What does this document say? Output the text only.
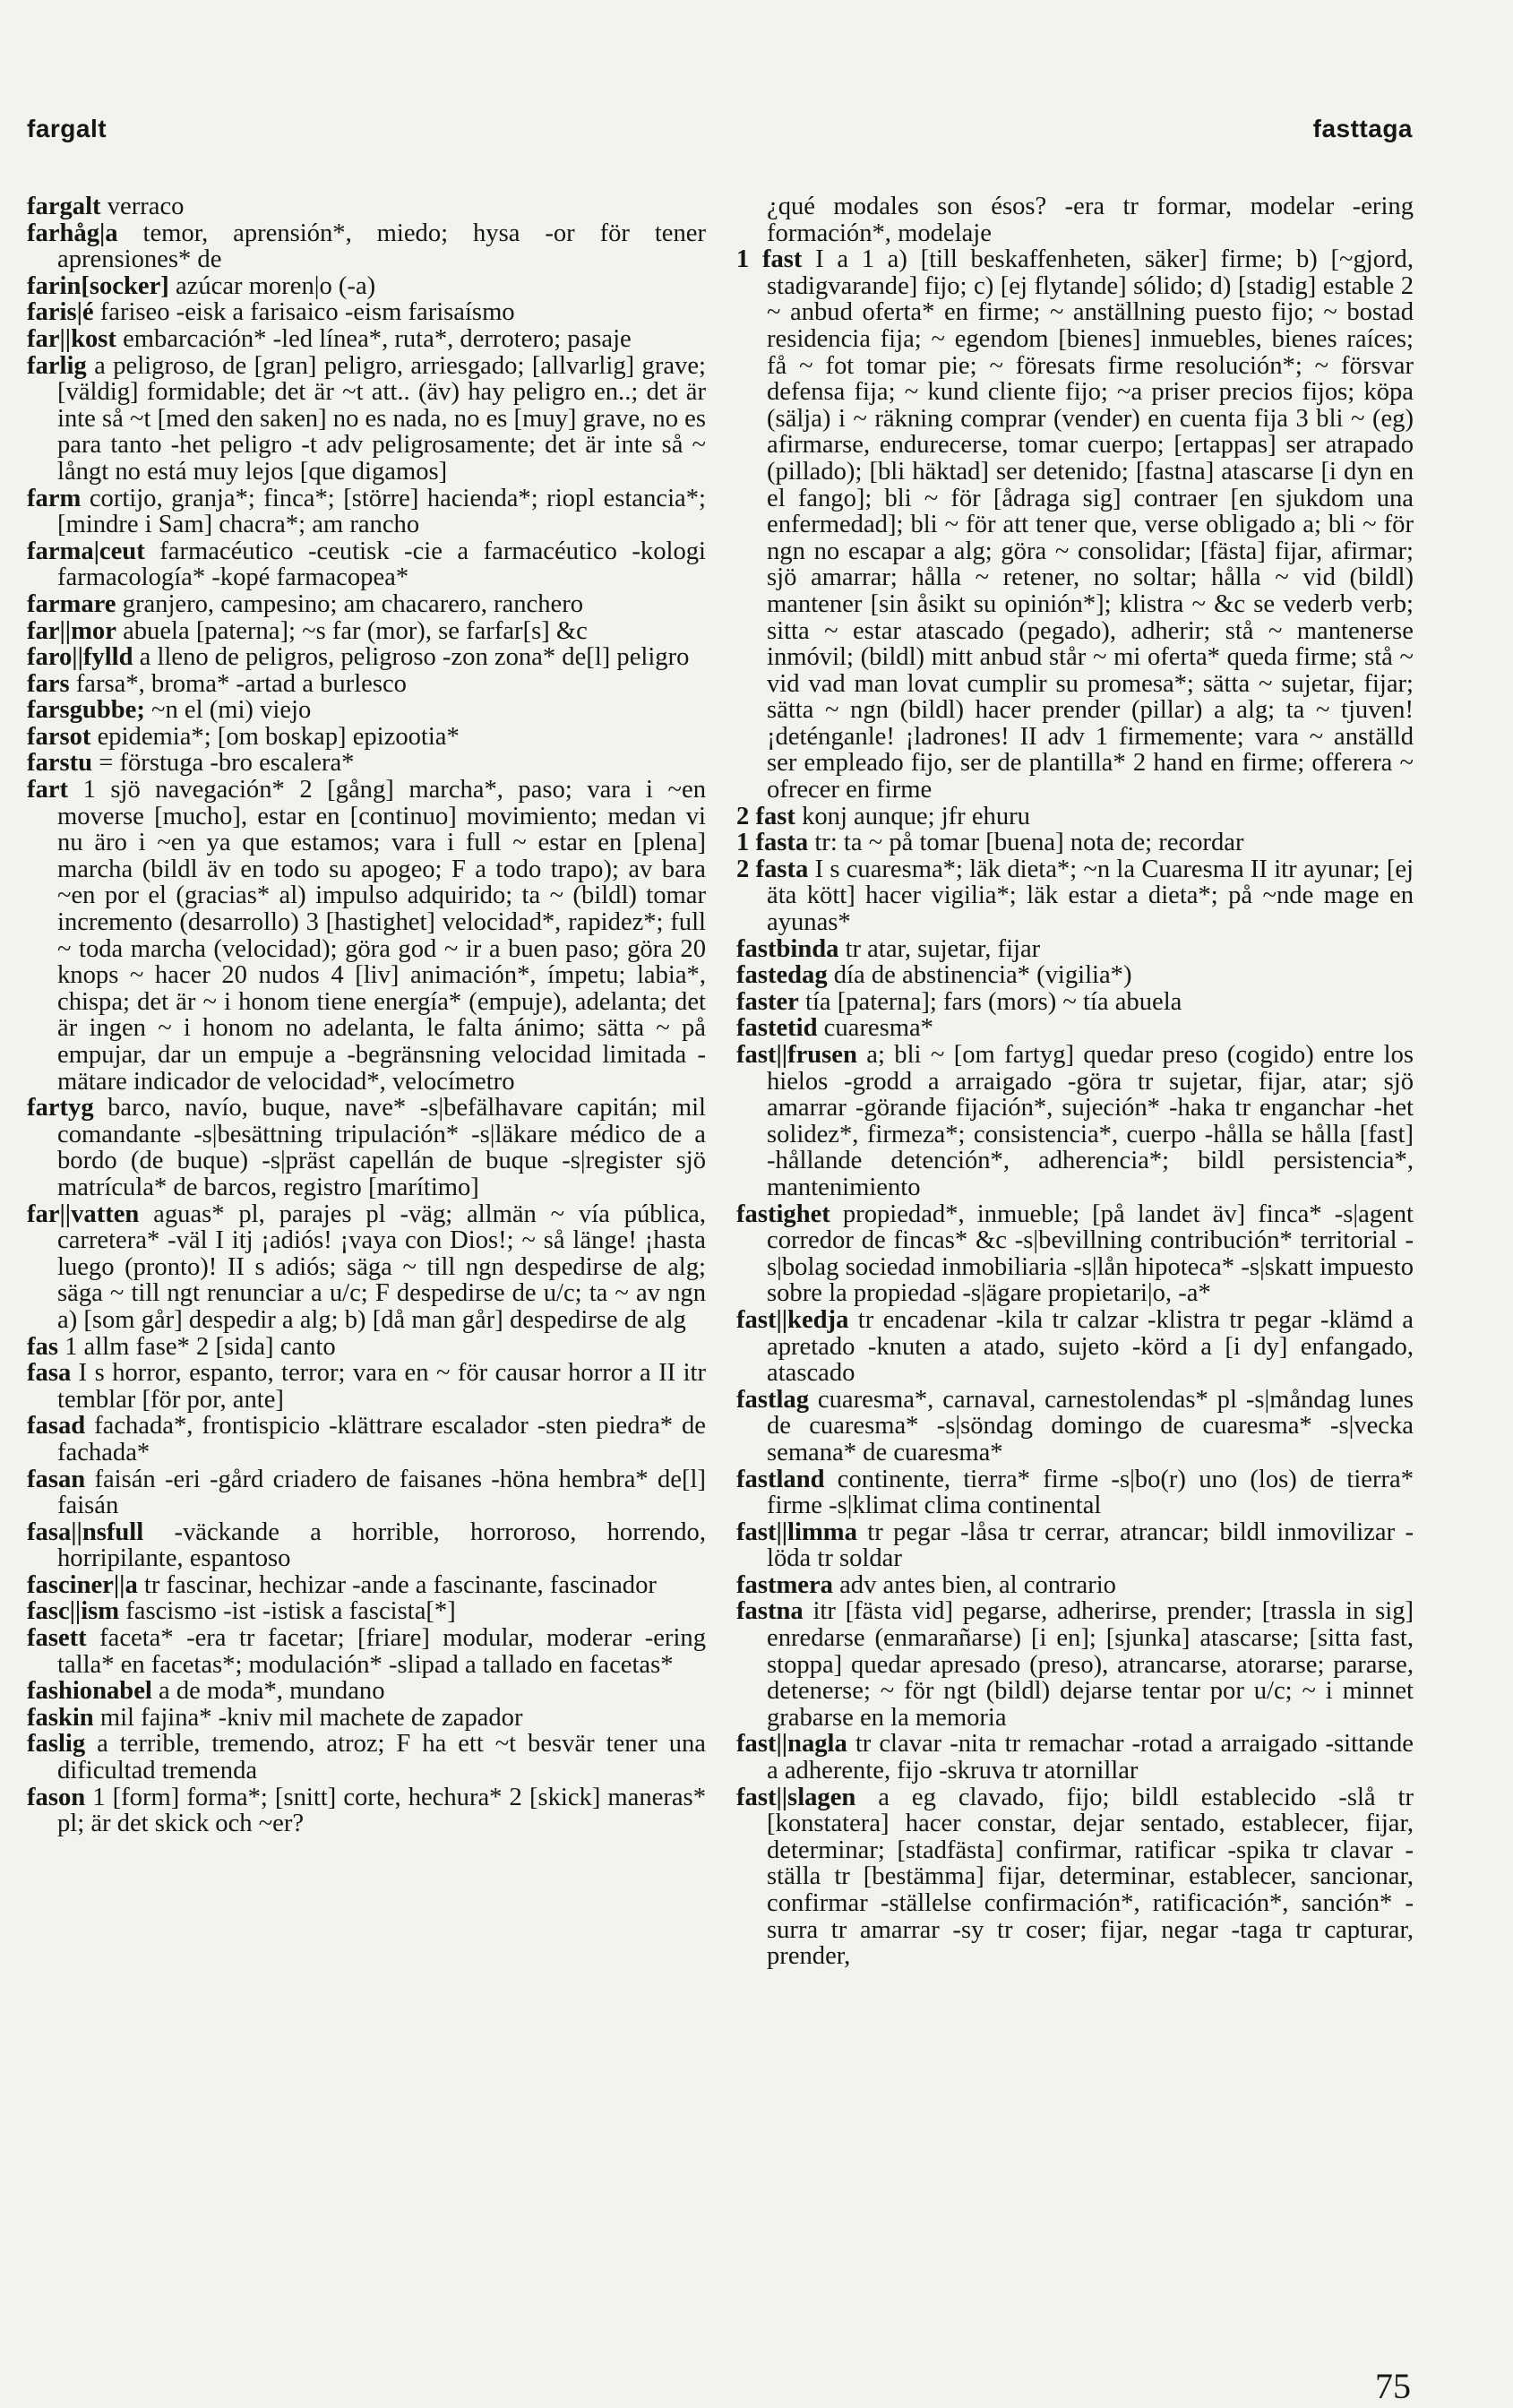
fargalt	fasttaga

fargalt verraco

farhåg|a temor, aprensión*, miedo; hysa -or för tener aprensiones* de

farin[socker] azúcar moren|o (-a)

faris|é fariseo -eisk a farisaico -eism farisaísmo

far||kost embarcación* -led línea*, ruta*, derrotero; pasaje

farlig a peligroso, de [gran] peligro, arriesgado; [allvarlig] grave; [väldig] formidable; det är ~t att.. (äv) hay peligro en..; det är inte så ~t [med den saken] no es nada, no es [muy] grave, no es para tanto -het peligro -t adv peligrosamente; det är inte så ~ långt no está muy lejos [que digamos]

farm cortijo, granja*; finca*; [större] hacienda*; riopl estancia*; [mindre i Sam] chacra*; am rancho

farma|ceut farmacéutico -ceutisk -cie a farmacéutico -kologi farmacología* -kopé farmacopea*

farmare granjero, campesino; am chacarero, ranchero

far||mor abuela [paterna]; ~s far (mor), se farfar[s] &c

faro||fylld a lleno de peligros, peligroso -zon zona* de[l] peligro

fars farsa*, broma* -artad a burlesco

farsgubbe; ~n el (mi) viejo

farsot epidemia*; [om boskap] epizootia*

farstu = förstuga -bro escalera*

fart 1 sjö navegación* 2 [gång] marcha*, paso; vara i ~en moverse [mucho], estar en [continuo] movimiento; medan vi nu äro i ~en ya que estamos; vara i full ~ estar en [plena] marcha (bildl äv en todo su apogeo; F a todo trapo); av bara ~en por el (gracias* al) impulso adquirido; ta ~ (bildl) tomar incremento (desarrollo) 3 [hastighet] velocidad*, rapidez*; full ~ toda marcha (velocidad); göra god ~ ir a buen paso; göra 20 knops ~ hacer 20 nudos 4 [liv] animación*, ímpetu; labia*, chispa; det är ~ i honom tiene energía* (empuje), adelanta; det är ingen ~ i honom no adelanta, le falta ánimo; sätta ~ på empujar, dar un empuje a -begränsning velocidad limitada -mätare indicador de velocidad*, velocímetro

fartyg barco, navío, buque, nave* -s|befälhavare capitán; mil comandante -s|besättning tripulación* -s|läkare médico de a bordo (de buque) -s|präst capellán de buque -s|register sjö matrícula* de barcos, registro [marítimo]

far||vatten aguas* pl, parajes pl -väg; allmän ~ vía pública, carretera* -väl I itj ¡adiós! ¡vaya con Dios!; ~ så länge! ¡hasta luego (pronto)! II s adiós; säga ~ till ngn despedirse de alg; säga ~ till ngt renunciar a u/c; F despedirse de u/c; ta ~ av ngn a) [som går] despedir a alg; b) [då man går] despedirse de alg

fas 1 allm fase* 2 [sida] canto

fasa I s horror, espanto, terror; vara en ~ för causar horror a II itr temblar [för por, ante]

fasad fachada*, frontispicio -klättrare escalador -sten piedra* de fachada*

fasan faisán -eri -gård criadero de faisanes -höna hembra* de[l] faisán

fasa||nsfull -väckande a horrible, horroroso, horrendo, horripilante, espantoso

fasciner||a tr fascinar, hechizar -ande a fascinante, fascinador

fasc||ism fascismo -ist -istisk a fascista[*]

fasett faceta* -era tr facetar; [friare] modular, moderar -ering talla* en facetas*; modulación* -slipad a tallado en facetas*

fashionabel a de moda*, mundano

faskin mil fajina* -kniv mil machete de zapador

faslig a terrible, tremendo, atroz; F ha ett ~t besvär tener una dificultad tremenda

fason 1 [form] forma*; [snitt] corte, hechura* 2 [skick] maneras* pl; är det skick och ~er?

¿qué modales son ésos? -era tr formar, modelar -ering formación*, modelaje

1 fast I a 1 a) [till beskaffenheten, säker] firme; b) [~gjord, stadigvarande] fijo; c) [ej flytande] sólido; d) [stadig] estable 2 ~ anbud oferta* en firme; ~ anställning puesto fijo; ~ bostad residencia fija; ~ egendom [bienes] inmuebles, bienes raíces; få ~ fot tomar pie; ~ föresats firme resolución*; ~ försvar defensa fija; ~ kund cliente fijo; ~a priser precios fijos; köpa (sälja) i ~ räkning comprar (vender) en cuenta fija 3 bli ~ (eg) afirmarse, endurecerse, tomar cuerpo; [ertappas] ser atrapado (pillado); [bli häktad] ser detenido; [fastna] atascarse [i dyn en el fango]; bli ~ för [ådraga sig] contraer [en sjukdom una enfermedad]; bli ~ för att tener que, verse obligado a; bli ~ för ngn no escapar a alg; göra ~ consolidar; [fästa] fijar, afirmar; sjö amarrar; hålla ~ retener, no soltar; hålla ~ vid (bildl) mantener [sin åsikt su opinión*]; klistra ~ &c se vederb verb; sitta ~ estar atascado (pegado), adherir; stå ~ mantenerse inmóvil; (bildl) mitt anbud står ~ mi oferta* queda firme; stå ~ vid vad man lovat cumplir su promesa*; sätta ~ sujetar, fijar; sätta ~ ngn (bildl) hacer prender (pillar) a alg; ta ~ tjuven! ¡deténganle! ¡ladrones! II adv 1 firmemente; vara ~ anställd ser empleado fijo, ser de plantilla* 2 hand en firme; offerera ~ ofrecer en firme

2 fast konj aunque; jfr ehuru

1 fasta tr: ta ~ på tomar [buena] nota de; recordar

2 fasta I s cuaresma*; läk dieta*; ~n la Cuaresma II itr ayunar; [ej äta kött] hacer vigilia*; läk estar a dieta*; på ~nde mage en ayunas*

fastbinda tr atar, sujetar, fijar

fastedag día de abstinencia* (vigilia*)

faster tía [paterna]; fars (mors) ~ tía abuela

fastetid cuaresma*

fast||frusen a; bli ~ [om fartyg] quedar preso (cogido) entre los hielos -grodd a arraigado -göra tr sujetar, fijar, atar; sjö amarrar -görande fijación*, sujeción* -haka tr enganchar -het solidez*, firmeza*; consistencia*, cuerpo -hålla se hålla [fast] -hållande detención*, adherencia*; bildl persistencia*, mantenimiento

fastighet propiedad*, inmueble; [på landet äv] finca* -s|agent corredor de fincas* &c -s|bevillning contribución* territorial -s|bolag sociedad inmobiliaria -s|lån hipoteca* -s|skatt impuesto sobre la propiedad -s|ägare propietari|o, -a*

fast||kedja tr encadenar -kila tr calzar -klistra tr pegar -klämd a apretado -knuten a atado, sujeto -körd a [i dy] enfangado, atascado

fastlag cuaresma*, carnaval, carnestolendas* pl -s|måndag lunes de cuaresma* -s|söndag domingo de cuaresma* -s|vecka semana* de cuaresma*

fastland continente, tierra* firme -s|bo(r) uno (los) de tierra* firme -s|klimat clima continental

fast||limma tr pegar -låsa tr cerrar, atrancar; bildl inmovilizar -löda tr soldar

fastmera adv antes bien, al contrario

fastna itr [fästa vid] pegarse, adherirse, prender; [trassla in sig] enredarse (enmarañarse) [i en]; [sjunka] atascarse; [sitta fast, stoppa] quedar apresado (preso), atrancarse, atorarse; pararse, detenerse; ~ för ngt (bildl) dejarse tentar por u/c; ~ i minnet grabarse en la memoria

fast||nagla tr clavar -nita tr remachar -rotad a arraigado -sittande a adherente, fijo -skruva tr atornillar

fast||slagen a eg clavado, fijo; bildl establecido -slå tr [konstatera] hacer constar, dejar sentado, establecer, fijar, determinar; [stadfästa] confirmar, ratificar -spika tr clavar -ställa tr [bestämma] fijar, determinar, establecer, sancionar, confirmar -ställelse confirmación*, ratificación*, sanción* -surra tr amarrar -sy tr coser; fijar, negar -taga tr capturar, prender,

75
